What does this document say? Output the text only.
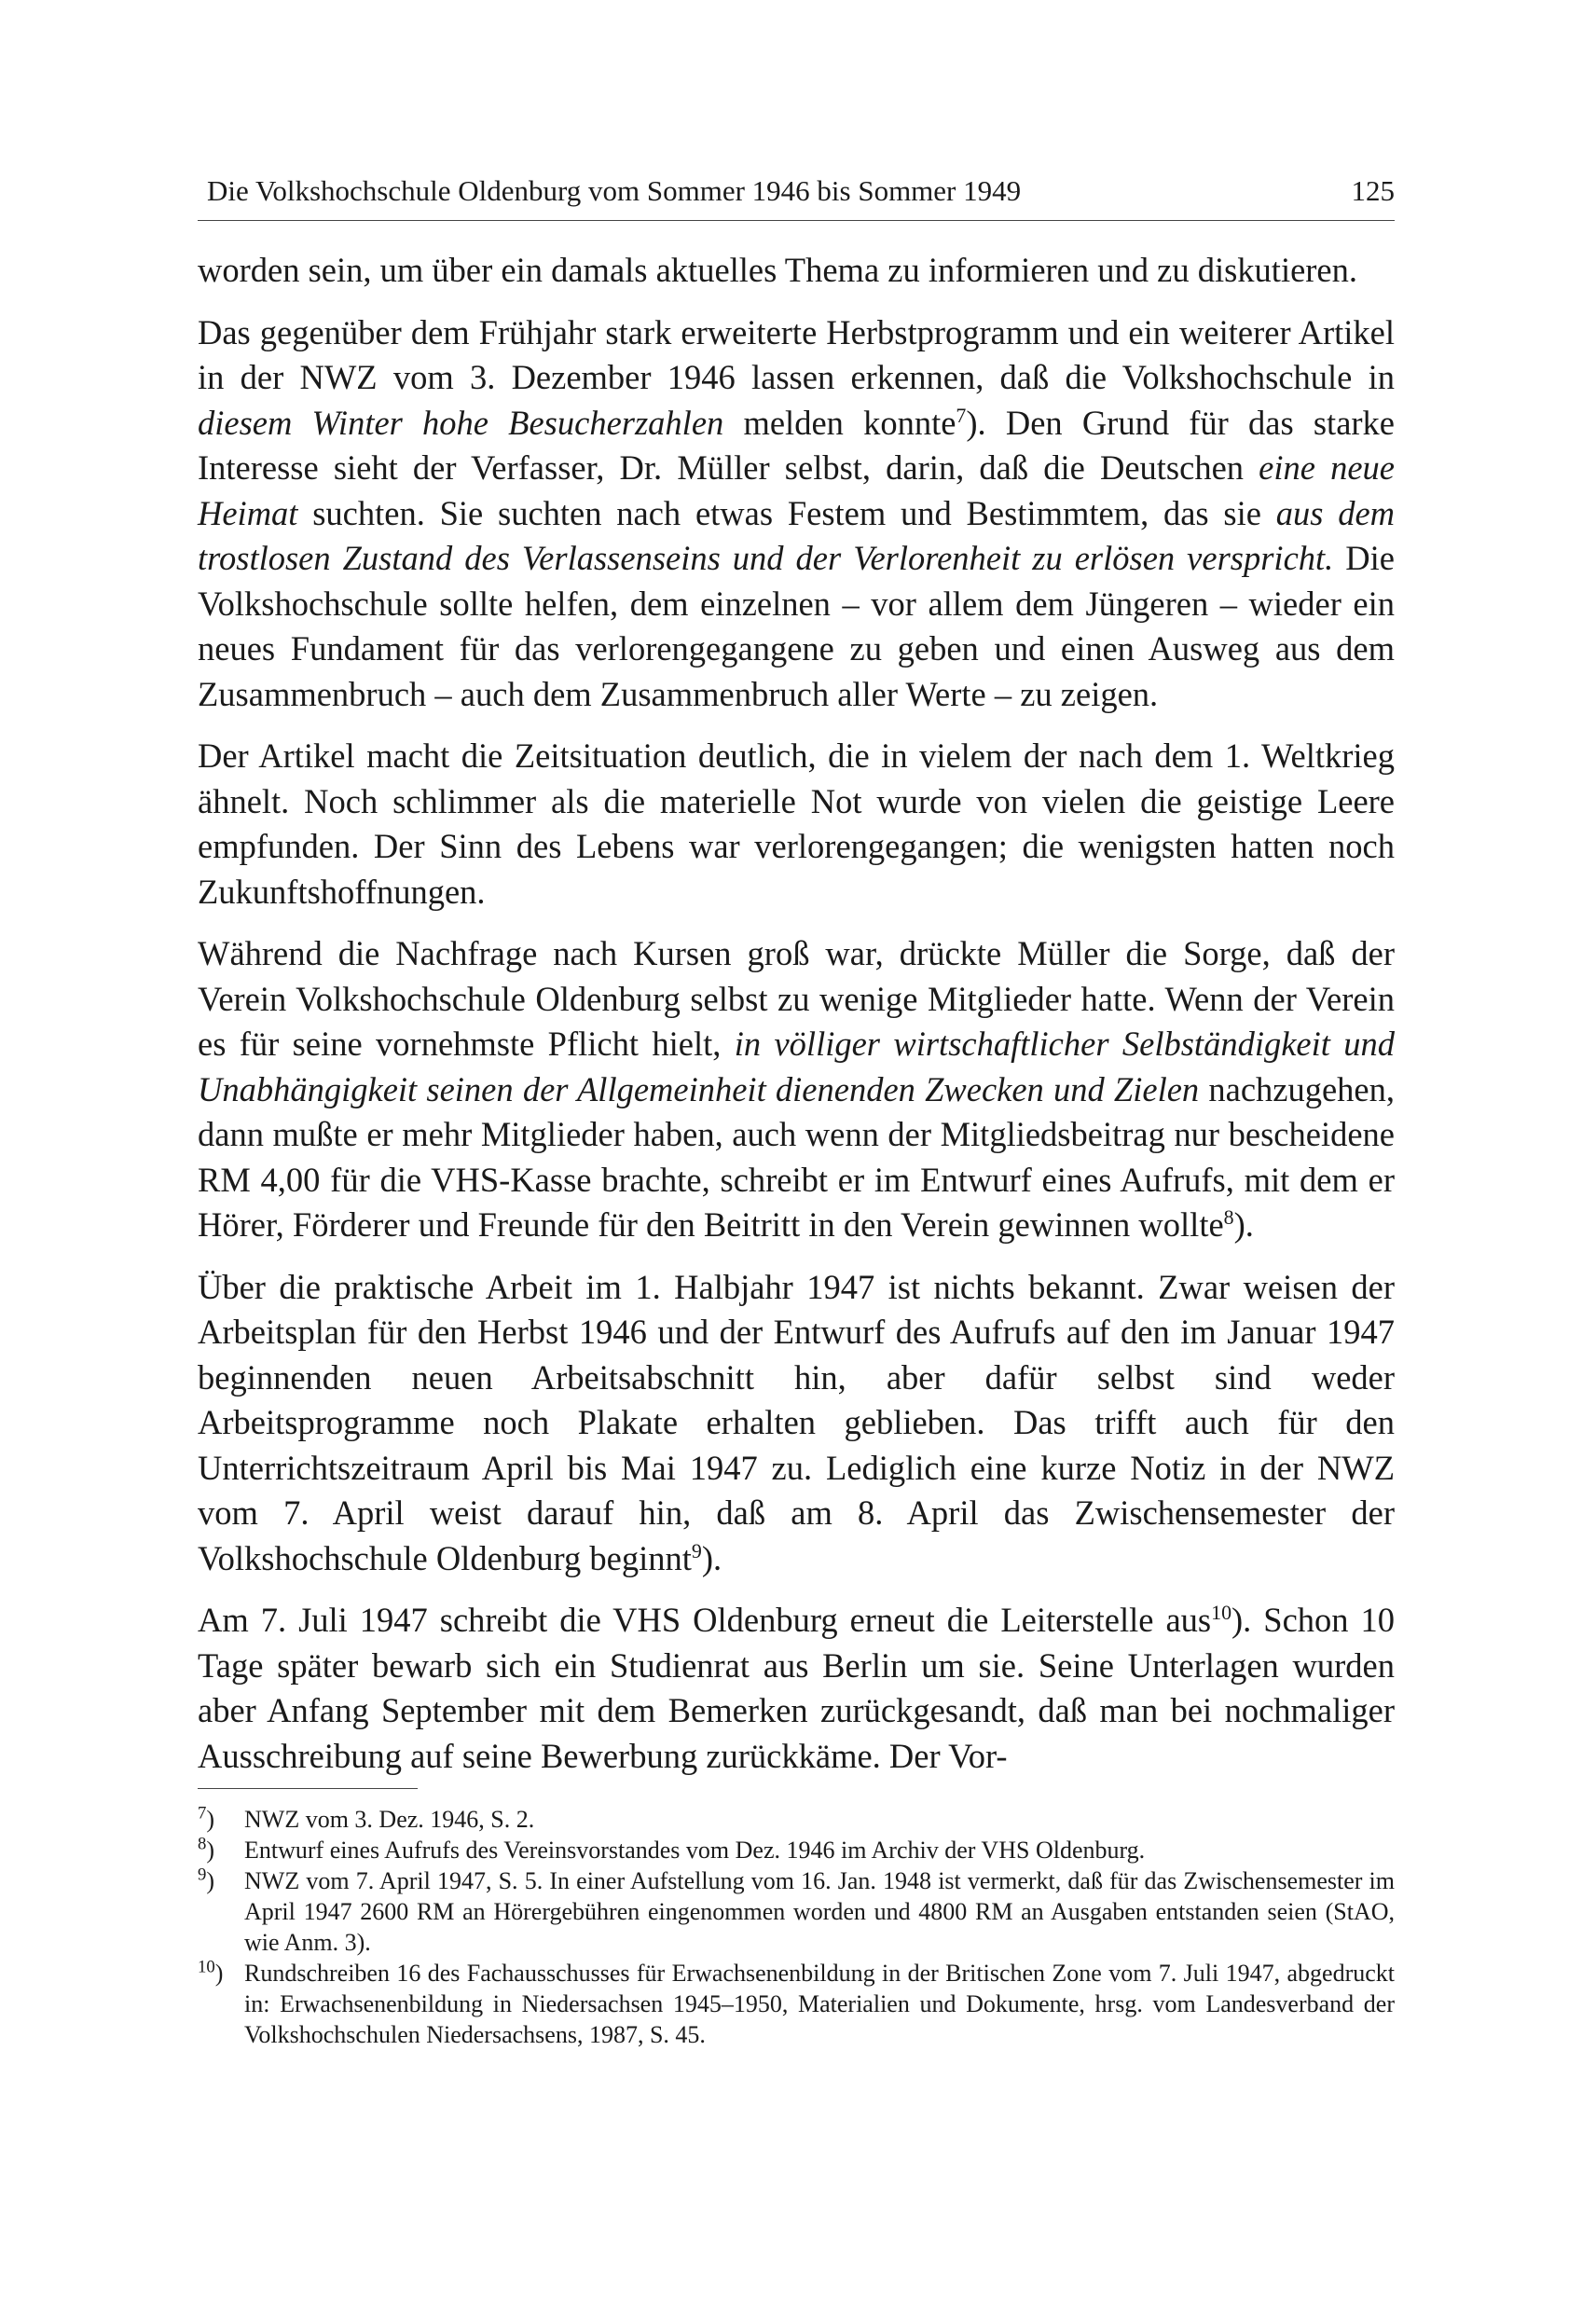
Die Volkshochschule Oldenburg vom Sommer 1946 bis Sommer 1949	125

worden sein, um über ein damals aktuelles Thema zu informieren und zu diskutieren.

Das gegenüber dem Frühjahr stark erweiterte Herbstprogramm und ein weiterer Artikel in der NWZ vom 3. Dezember 1946 lassen erkennen, daß die Volkshochschule in diesem Winter hohe Besucherzahlen melden konnte$^7$). Den Grund für das starke Interesse sieht der Verfasser, Dr. Müller selbst, darin, daß die Deutschen eine neue Heimat suchten. Sie suchten nach etwas Festem und Bestimmtem, das sie aus dem trostlosen Zustand des Verlassenseins und der Verlorenheit zu erlösen verspricht. Die Volkshochschule sollte helfen, dem einzelnen – vor allem dem Jüngeren – wieder ein neues Fundament für das verlorengegangene zu geben und einen Ausweg aus dem Zusammenbruch – auch dem Zusammenbruch aller Werte – zu zeigen.

Der Artikel macht die Zeitsituation deutlich, die in vielem der nach dem 1. Weltkrieg ähnelt. Noch schlimmer als die materielle Not wurde von vielen die geistige Leere empfunden. Der Sinn des Lebens war verlorengegangen; die wenigsten hatten noch Zukunftshoffnungen.

Während die Nachfrage nach Kursen groß war, drückte Müller die Sorge, daß der Verein Volkshochschule Oldenburg selbst zu wenige Mitglieder hatte. Wenn der Verein es für seine vornehmste Pflicht hielt, in völliger wirtschaftlicher Selbständigkeit und Unabhängigkeit seinen der Allgemeinheit dienenden Zwecken und Zielen nachzugehen, dann mußte er mehr Mitglieder haben, auch wenn der Mitgliedsbeitrag nur bescheidene RM 4,00 für die VHS-Kasse brachte, schreibt er im Entwurf eines Aufrufs, mit dem er Hörer, Förderer und Freunde für den Beitritt in den Verein gewinnen wollte$^8$).

Über die praktische Arbeit im 1. Halbjahr 1947 ist nichts bekannt. Zwar weisen der Arbeitsplan für den Herbst 1946 und der Entwurf des Aufrufs auf den im Januar 1947 beginnenden neuen Arbeitsabschnitt hin, aber dafür selbst sind weder Arbeitsprogramme noch Plakate erhalten geblieben. Das trifft auch für den Unterrichtszeitraum April bis Mai 1947 zu. Lediglich eine kurze Notiz in der NWZ vom 7. April weist darauf hin, daß am 8. April das Zwischensemester der Volkshochschule Oldenburg beginnt$^9$).

Am 7. Juli 1947 schreibt die VHS Oldenburg erneut die Leiterstelle aus$^{10}$). Schon 10 Tage später bewarb sich ein Studienrat aus Berlin um sie. Seine Unterlagen wurden aber Anfang September mit dem Bemerken zurückgesandt, daß man bei nochmaliger Ausschreibung auf seine Bewerbung zurückkäme. Der Vor-

$^7$)	NWZ vom 3. Dez. 1946, S. 2.
$^8$)	Entwurf eines Aufrufs des Vereinsvorstandes vom Dez. 1946 im Archiv der VHS Oldenburg.
$^9$)	NWZ vom 7. April 1947, S. 5. In einer Aufstellung vom 16. Jan. 1948 ist vermerkt, daß für das Zwischensemester im April 1947 2600 RM an Hörergebühren eingenommen worden und 4800 RM an Ausgaben entstanden seien (StAO, wie Anm. 3).
$^{10}$) Rundschreiben 16 des Fachausschusses für Erwachsenenbildung in der Britischen Zone vom 7. Juli 1947, abgedruckt in: Erwachsenenbildung in Niedersachsen 1945–1950, Materialien und Dokumente, hrsg. vom Landesverband der Volkshochschulen Niedersachsens, 1987, S. 45.
